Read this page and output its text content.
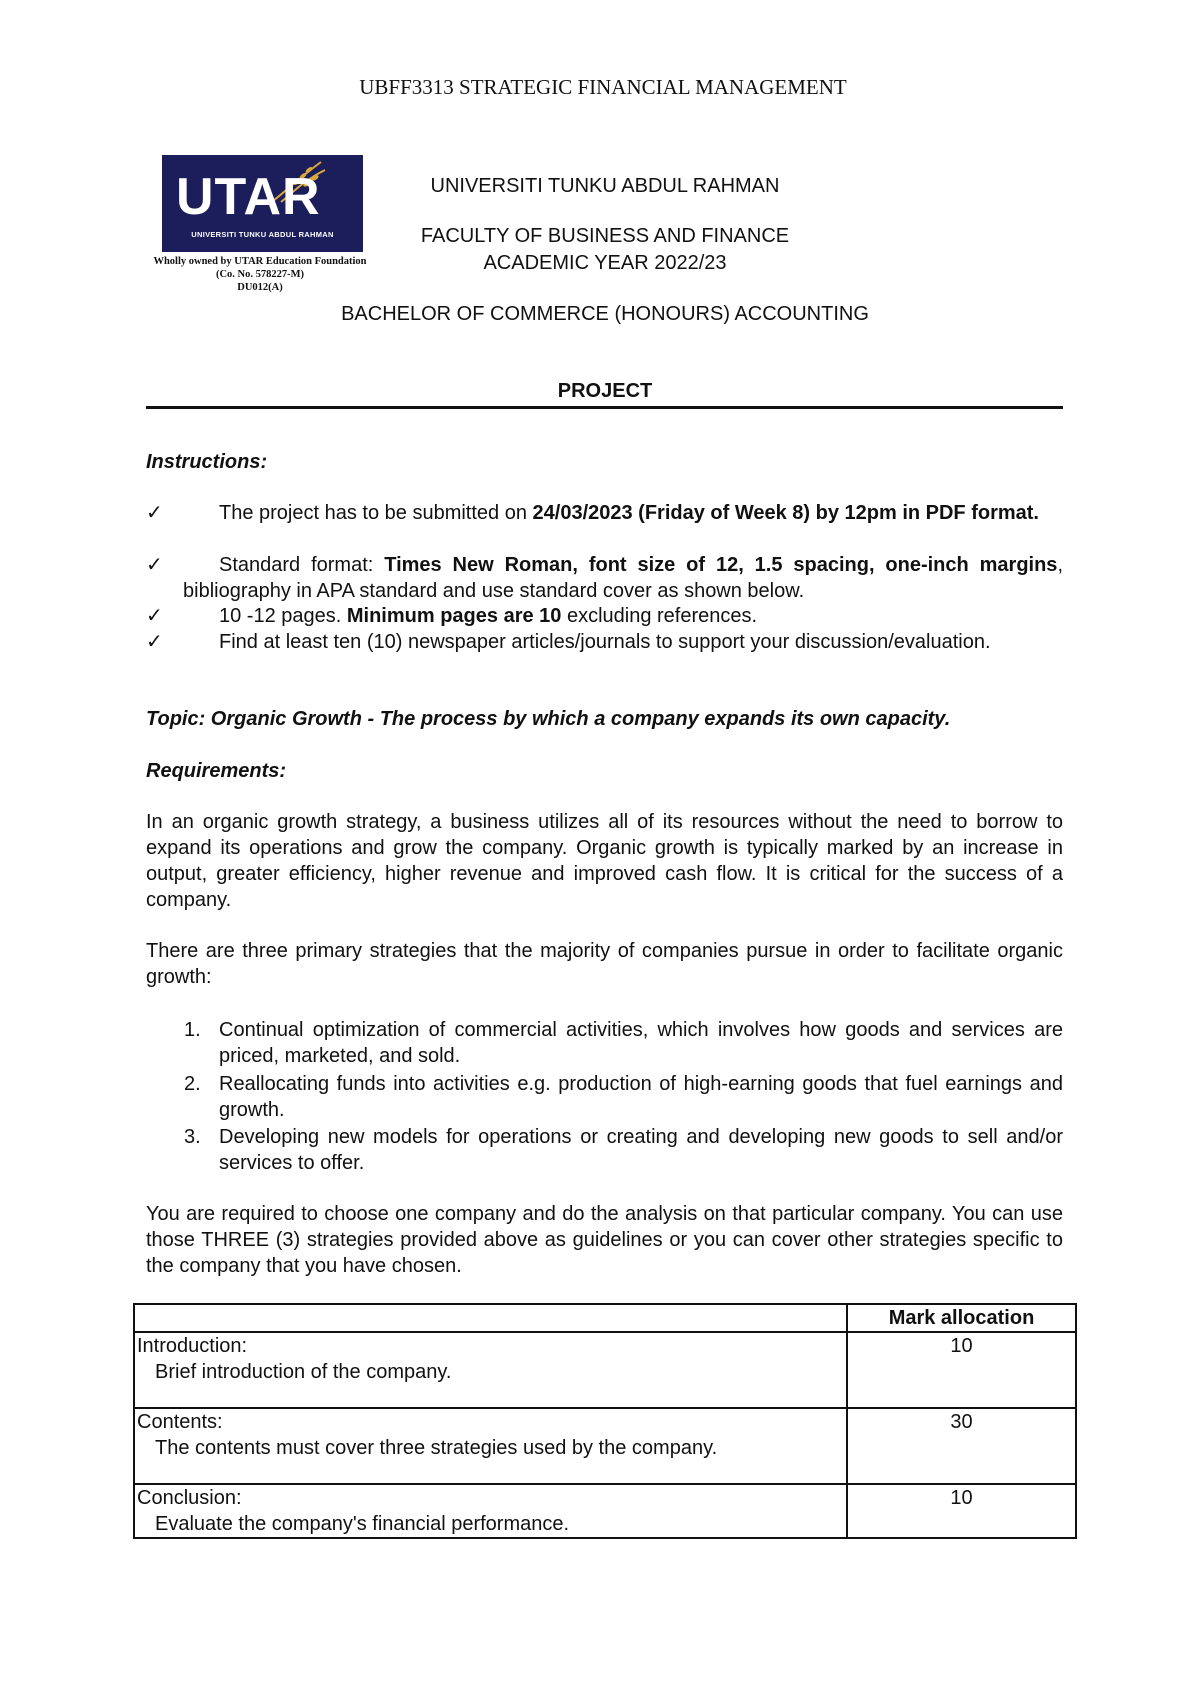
UBFF3313 STRATEGIC FINANCIAL MANAGEMENT
UTAR
UNIVERSITI TUNKU ABDUL RAHMAN
Wholly owned by UTAR Education Foundation
(Co. No. 578227-M)
DU012(A)
UNIVERSITI TUNKU ABDUL RAHMAN
FACULTY OF BUSINESS AND FINANCE
ACADEMIC YEAR 2022/23
BACHELOR OF COMMERCE (HONOURS) ACCOUNTING
PROJECT
Instructions:
✓	The project has to be submitted on 24/03/2023 (Friday of Week 8) by 12pm in PDF format.
✓	Standard format: Times New Roman, font size of 12, 1.5 spacing, one-inch margins, bibliography in APA standard and use standard cover as shown below.
✓	10 -12 pages. Minimum pages are 10 excluding references.
✓	Find at least ten (10) newspaper articles/journals to support your discussion/evaluation.
Topic: Organic Growth - The process by which a company expands its own capacity.
Requirements:
In an organic growth strategy, a business utilizes all of its resources without the need to borrow to expand its operations and grow the company. Organic growth is typically marked by an increase in output, greater efficiency, higher revenue and improved cash flow. It is critical for the success of a company.
There are three primary strategies that the majority of companies pursue in order to facilitate organic growth:
1. Continual optimization of commercial activities, which involves how goods and services are priced, marketed, and sold.
2. Reallocating funds into activities e.g. production of high-earning goods that fuel earnings and growth.
3. Developing new models for operations or creating and developing new goods to sell and/or services to offer.
You are required to choose one company and do the analysis on that particular company. You can use those THREE (3) strategies provided above as guidelines or you can cover other strategies specific to the company that you have chosen.
	Mark allocation
Introduction:
Brief introduction of the company.	10
Contents:
The contents must cover three strategies used by the company.	30
Conclusion:
Evaluate the company's financial performance.	10
